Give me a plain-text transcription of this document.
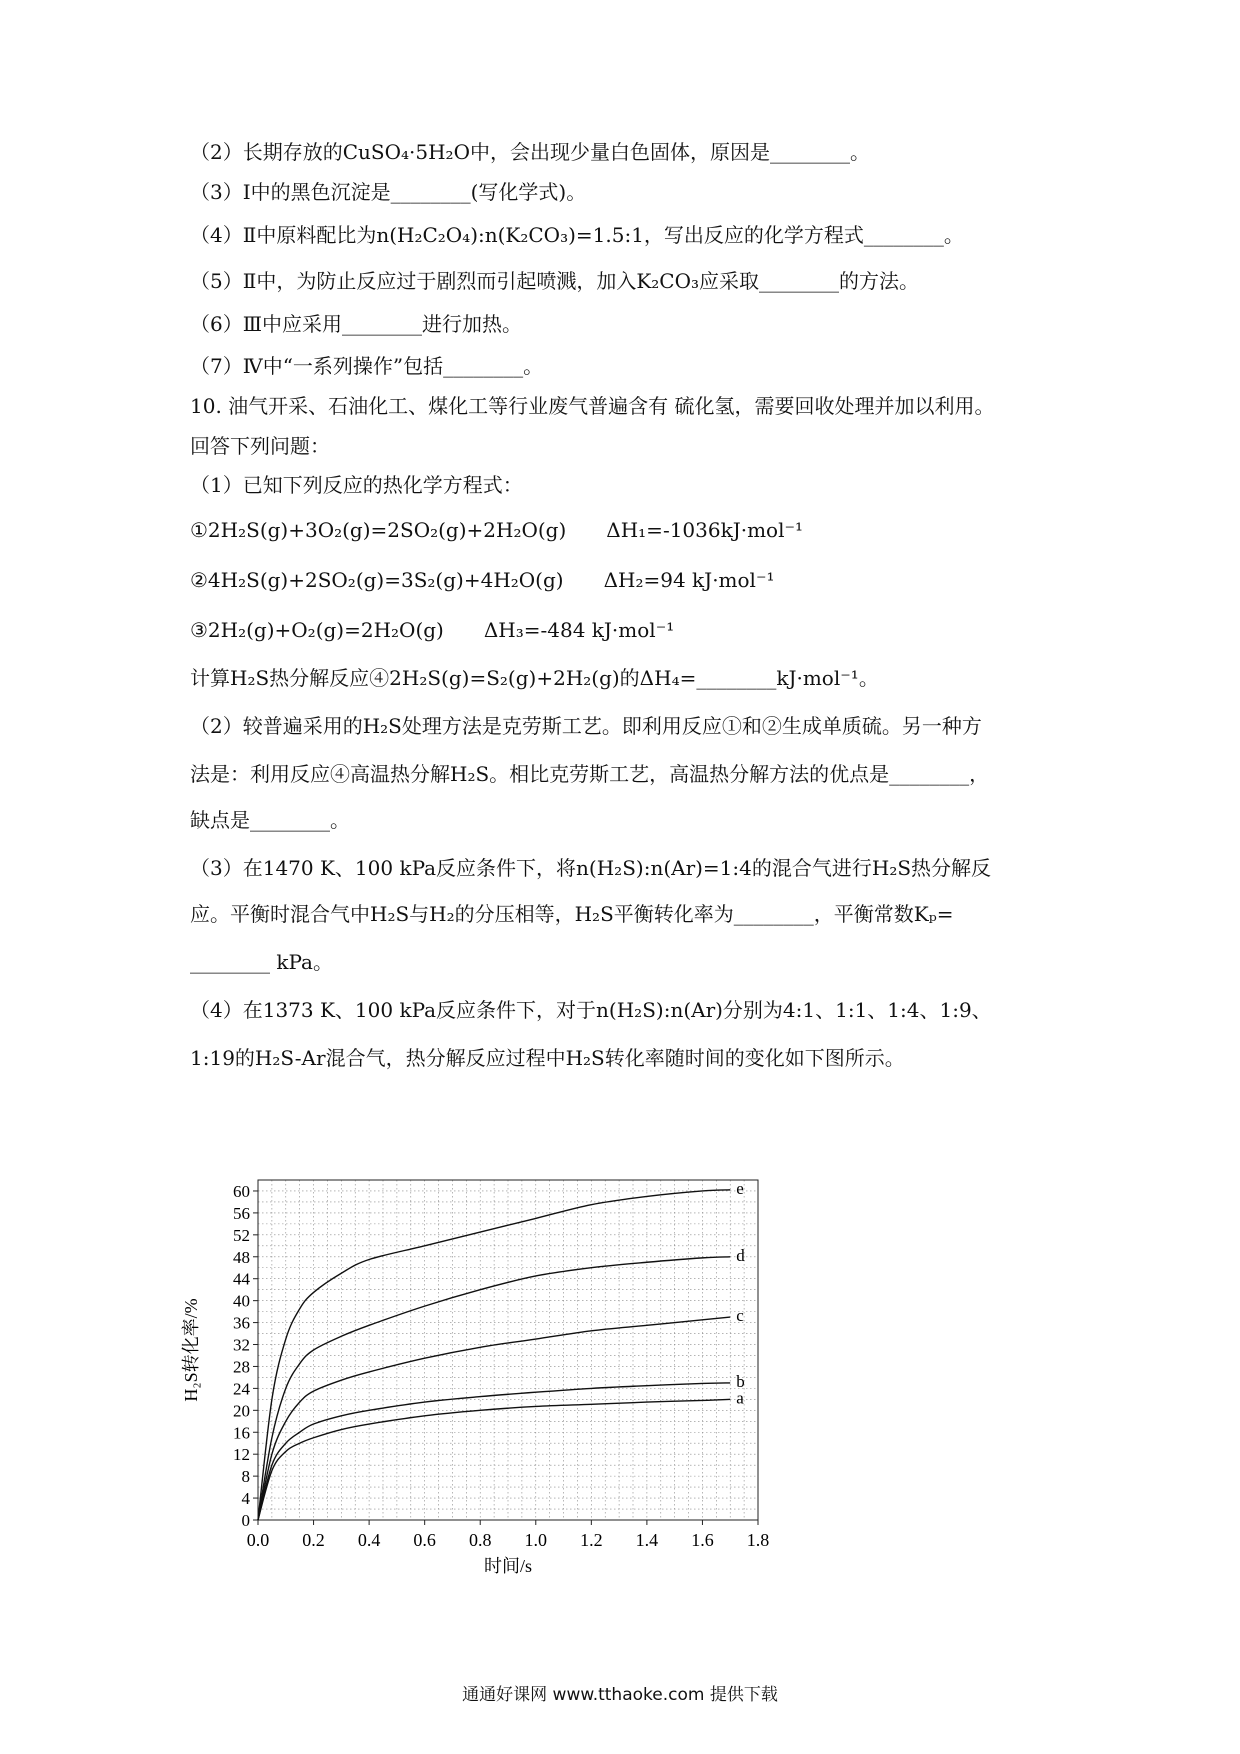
（2）长期存放的CuSO₄·5H₂O中，会出现少量白色固体，原因是________。
（3）Ⅰ中的黑色沉淀是________(写化学式)。
（4）Ⅱ中原料配比为n(H₂C₂O₄):n(K₂CO₃)=1.5:1，写出反应的化学方程式________。
（5）Ⅱ中，为防止反应过于剧烈而引起喷溅，加入K₂CO₃应采取________的方法。
（6）Ⅲ中应采用________进行加热。
（7）Ⅳ中“一系列操作”包括________。
10. 油气开采、石油化工、煤化工等行业废气普遍含有 硫化氢，需要回收处理并加以利用。
回答下列问题：
（1）已知下列反应的热化学方程式：
①2H₂S(g)+3O₂(g)=2SO₂(g)+2H₂O(g)　　ΔH₁=-1036kJ·mol⁻¹
②4H₂S(g)+2SO₂(g)=3S₂(g)+4H₂O(g)　　ΔH₂=94 kJ·mol⁻¹
③2H₂(g)+O₂(g)=2H₂O(g)　　ΔH₃=-484 kJ·mol⁻¹
计算H₂S热分解反应④2H₂S(g)=S₂(g)+2H₂(g)的ΔH₄=________kJ·mol⁻¹。
（2）较普遍采用的H₂S处理方法是克劳斯工艺。即利用反应①和②生成单质硫。另一种方
法是：利用反应④高温热分解H₂S。相比克劳斯工艺，高温热分解方法的优点是________，
缺点是________。
（3）在1470 K、100 kPa反应条件下，将n(H₂S):n(Ar)=1:4的混合气进行H₂S热分解反
应。平衡时混合气中H₂S与H₂的分压相等，H₂S平衡转化率为________，平衡常数Kₚ=
________ kPa。
（4）在1373 K、100 kPa反应条件下，对于n(H₂S):n(Ar)分别为4:1、1:1、1:4、1:9、
1:19的H₂S-Ar混合气，热分解反应过程中H₂S转化率随时间的变化如下图所示。
0
4
8
12
16
20
24
28
32
36
40
44
48
52
56
60
0.0 0.2 0.4 0.6 0.8 1.0 1.2 1.4 1.6 1.8
时间/s
H₂S转化率/%	a
b
c
d
e
通通好课网 www.tthaoke.com 提供下载
